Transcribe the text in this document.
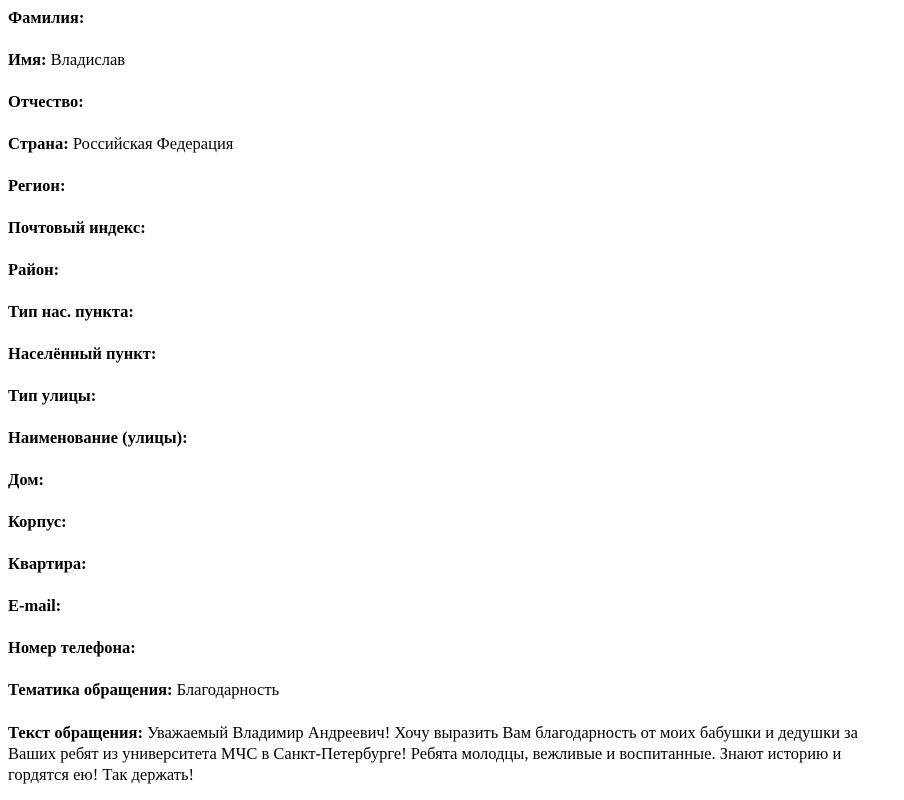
Фамилия:

Имя: Владислав

Отчество:

Страна: Российская Федерация

Регион:

Почтовый индекс:

Район:

Тип нас. пункта:

Населённый пункт:

Тип улицы:

Наименование (улицы):

Дом:

Корпус:

Квартира:

E-mail:

Номер телефона:

Тематика обращения: Благодарность

Текст обращения: Уважаемый Владимир Андреевич! Хочу выразить Вам благодарность от моих бабушки и дедушки за Ваших ребят из университета МЧС в Санкт-Петербурге! Ребята молодцы, вежливые и воспитанные. Знают историю и гордятся ею! Так держать!
